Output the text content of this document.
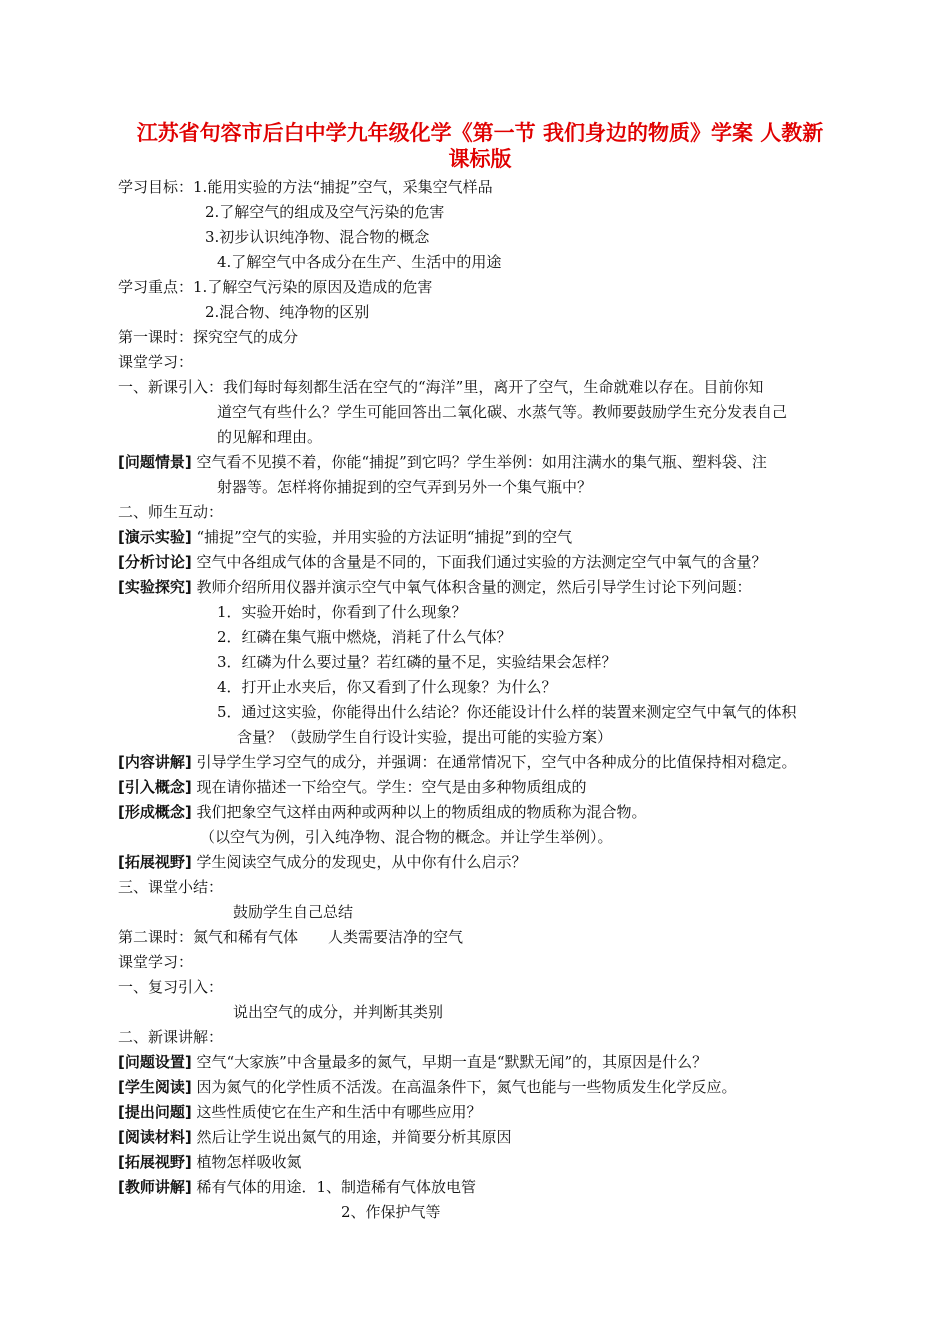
江苏省句容市后白中学九年级化学《第一节 我们身边的物质》学案 人教新
课标版
学习目标：1.能用实验的方法“捕捉”空气，采集空气样品
2.了解空气的组成及空气污染的危害
3.初步认识纯净物、混合物的概念
4.了解空气中各成分在生产、生活中的用途
学习重点：1.了解空气污染的原因及造成的危害
2.混合物、纯净物的区别
第一课时：探究空气的成分
课堂学习：
一、新课引入：我们每时每刻都生活在空气的“海洋”里，离开了空气，生命就难以存在。目前你知
道空气有些什么？学生可能回答出二氧化碳、水蒸气等。教师要鼓励学生充分发表自己
的见解和理由。
[问题情景] 空气看不见摸不着，你能“捕捉”到它吗？学生举例：如用注满水的集气瓶、塑料袋、注
射器等。怎样将你捕捉到的空气弄到另外一个集气瓶中？
二、师生互动：
[演示实验] “捕捉”空气的实验，并用实验的方法证明“捕捉”到的空气
[分析讨论] 空气中各组成气体的含量是不同的，下面我们通过实验的方法测定空气中氧气的含量？
[实验探究] 教师介绍所用仪器并演示空气中氧气体积含量的测定，然后引导学生讨论下列问题：
1．实验开始时，你看到了什么现象？
2．红磷在集气瓶中燃烧，消耗了什么气体？
3．红磷为什么要过量？若红磷的量不足，实验结果会怎样？
4．打开止水夹后，你又看到了什么现象？为什么？
5．通过这实验，你能得出什么结论？你还能设计什么样的装置来测定空气中氧气的体积
含量？（鼓励学生自行设计实验，提出可能的实验方案）
[内容讲解] 引导学生学习空气的成分，并强调：在通常情况下，空气中各种成分的比值保持相对稳定。
[引入概念] 现在请你描述一下给空气。学生：空气是由多种物质组成的
[形成概念] 我们把象空气这样由两种或两种以上的物质组成的物质称为混合物。
（以空气为例，引入纯净物、混合物的概念。并让学生举例）。
[拓展视野] 学生阅读空气成分的发现史，从中你有什么启示？
三、课堂小结：
鼓励学生自己总结
第二课时：氮气和稀有气体　　人类需要洁净的空气
课堂学习：
一、复习引入：
说出空气的成分，并判断其类别
二、新课讲解：
[问题设置] 空气“大家族”中含量最多的氮气，早期一直是“默默无闻”的，其原因是什么？
[学生阅读] 因为氮气的化学性质不活泼。在高温条件下，氮气也能与一些物质发生化学反应。
[提出问题] 这些性质使它在生产和生活中有哪些应用？
[阅读材料] 然后让学生说出氮气的用途，并简要分析其原因
[拓展视野] 植物怎样吸收氮
[教师讲解] 稀有气体的用途．1、制造稀有气体放电管
2、作保护气等
